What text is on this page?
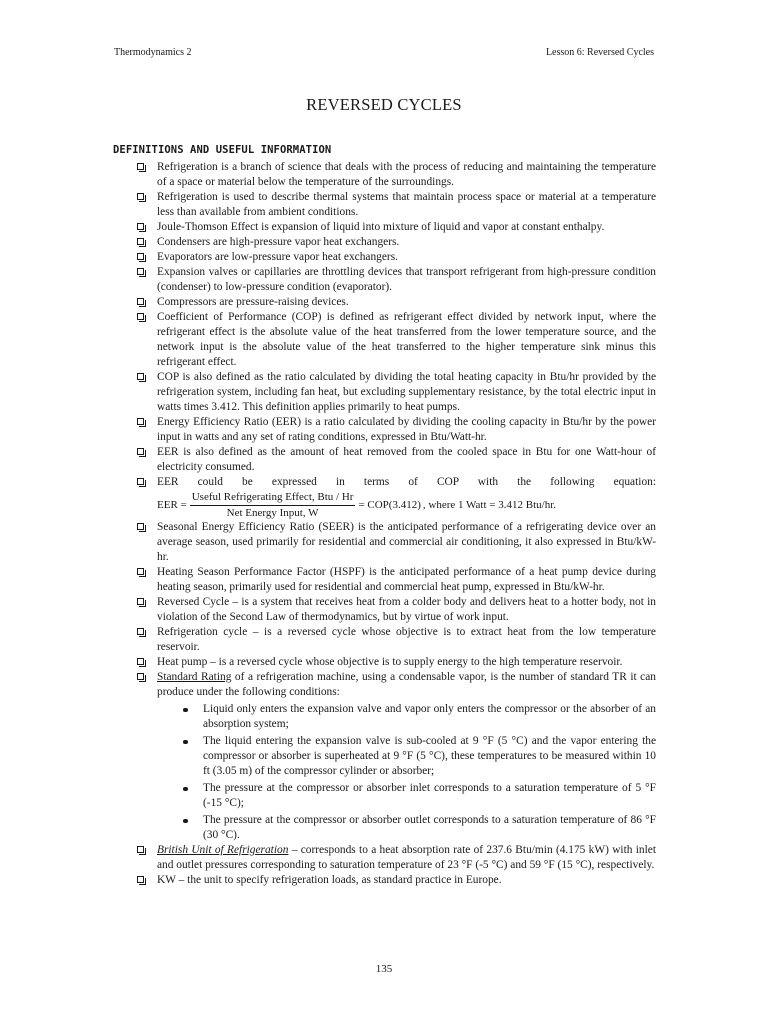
Thermodynamics 2	Lesson 6: Reversed Cycles
REVERSED CYCLES
DEFINITIONS AND USEFUL INFORMATION
Refrigeration is a branch of science that deals with the process of reducing and maintaining the temperature of a space or material below the temperature of the surroundings.
Refrigeration is used to describe thermal systems that maintain process space or material at a temperature less than available from ambient conditions.
Joule-Thomson Effect is expansion of liquid into mixture of liquid and vapor at constant enthalpy.
Condensers are high-pressure vapor heat exchangers.
Evaporators are low-pressure vapor heat exchangers.
Expansion valves or capillaries are throttling devices that transport refrigerant from high-pressure condition (condenser) to low-pressure condition (evaporator).
Compressors are pressure-raising devices.
Coefficient of Performance (COP) is defined as refrigerant effect divided by network input, where the refrigerant effect is the absolute value of the heat transferred from the lower temperature source, and the network input is the absolute value of the heat transferred to the higher temperature sink minus this refrigerant effect.
COP is also defined as the ratio calculated by dividing the total heating capacity in Btu/hr provided by the refrigeration system, including fan heat, but excluding supplementary resistance, by the total electric input in watts times 3.412. This definition applies primarily to heat pumps.
Energy Efficiency Ratio (EER) is a ratio calculated by dividing the cooling capacity in Btu/hr by the power input in watts and any set of rating conditions, expressed in Btu/Watt-hr.
EER is also defined as the amount of heat removed from the cooled space in Btu for one Watt-hour of electricity consumed.
EER could be expressed in terms of COP with the following equation:
EER = $\frac{\text{Useful Refrigerating Effect, Btu / Hr}}{\text{Net Energy Input, W}} = COP(3.412)$ , where 1 Watt = 3.412 Btu/hr.
Seasonal Energy Efficiency Ratio (SEER) is the anticipated performance of a refrigerating device over an average season, used primarily for residential and commercial air conditioning, it also expressed in Btu/kW-hr.
Heating Season Performance Factor (HSPF) is the anticipated performance of a heat pump device during heating season, primarily used for residential and commercial heat pump, expressed in Btu/kW-hr.
Reversed Cycle – is a system that receives heat from a colder body and delivers heat to a hotter body, not in violation of the Second Law of thermodynamics, but by virtue of work input.
Refrigeration cycle – is a reversed cycle whose objective is to extract heat from the low temperature reservoir.
Heat pump – is a reversed cycle whose objective is to supply energy to the high temperature reservoir.
Standard Rating of a refrigeration machine, using a condensable vapor, is the number of standard TR it can produce under the following conditions:
Liquid only enters the expansion valve and vapor only enters the compressor or the absorber of an absorption system;
The liquid entering the expansion valve is sub-cooled at 9 °F (5 °C) and the vapor entering the compressor or absorber is superheated at 9 °F (5 °C), these temperatures to be measured within 10 ft (3.05 m) of the compressor cylinder or absorber;
The pressure at the compressor or absorber inlet corresponds to a saturation temperature of 5 °F (-15 °C);
The pressure at the compressor or absorber outlet corresponds to a saturation temperature of 86 °F (30 °C).
British Unit of Refrigeration – corresponds to a heat absorption rate of 237.6 Btu/min (4.175 kW) with inlet and outlet pressures corresponding to saturation temperature of 23 °F (-5 °C) and 59 °F (15 °C), respectively.
KW – the unit to specify refrigeration loads, as standard practice in Europe.
135
